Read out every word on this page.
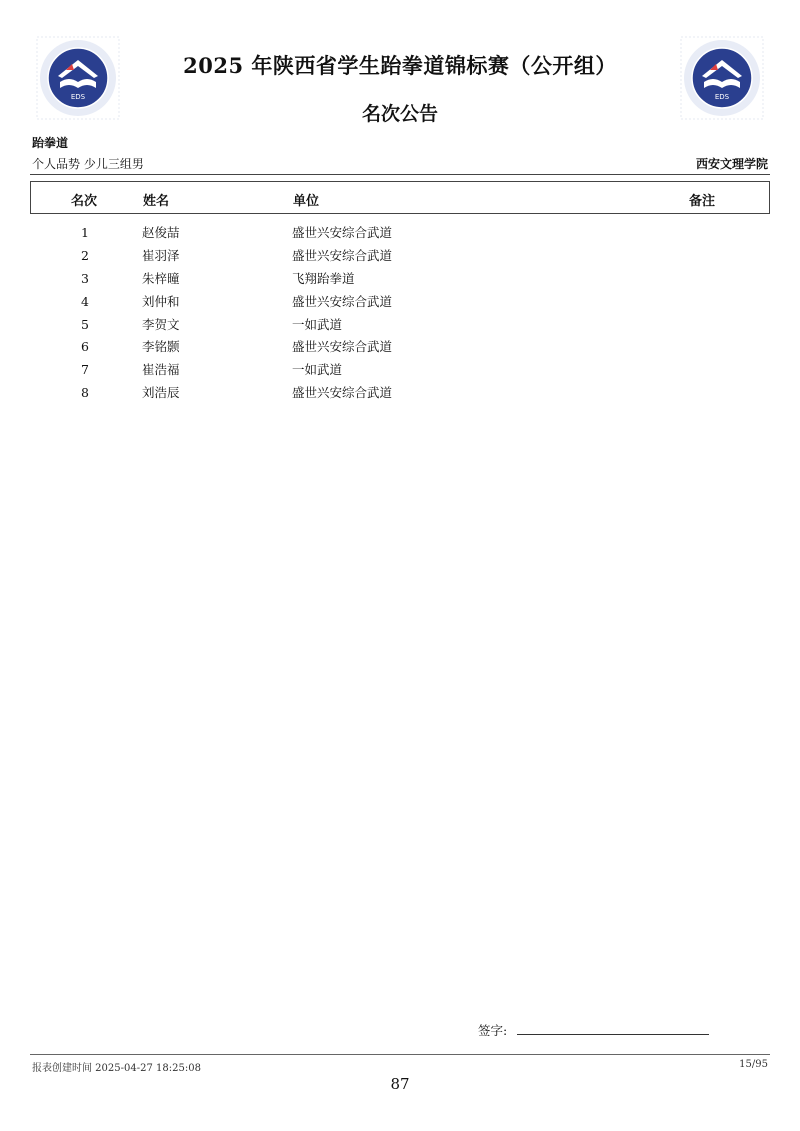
EDS	EDS
2025 年陕西省学生跆拳道锦标赛（公开组）
名次公告
跆拳道
个人品势 少儿三组男	西安文理学院
名次	姓名	单位	备注
1	赵俊喆	盛世兴安综合武道
2	崔羽泽	盛世兴安综合武道
3	朱梓曈	飞翔跆拳道
4	刘仲和	盛世兴安综合武道
5	李贺文	一如武道
6	李铭颢	盛世兴安综合武道
7	崔浩福	一如武道
8	刘浩辰	盛世兴安综合武道
签字:
报表创建时间 2025-04-27 18:25:08	15/95
87
